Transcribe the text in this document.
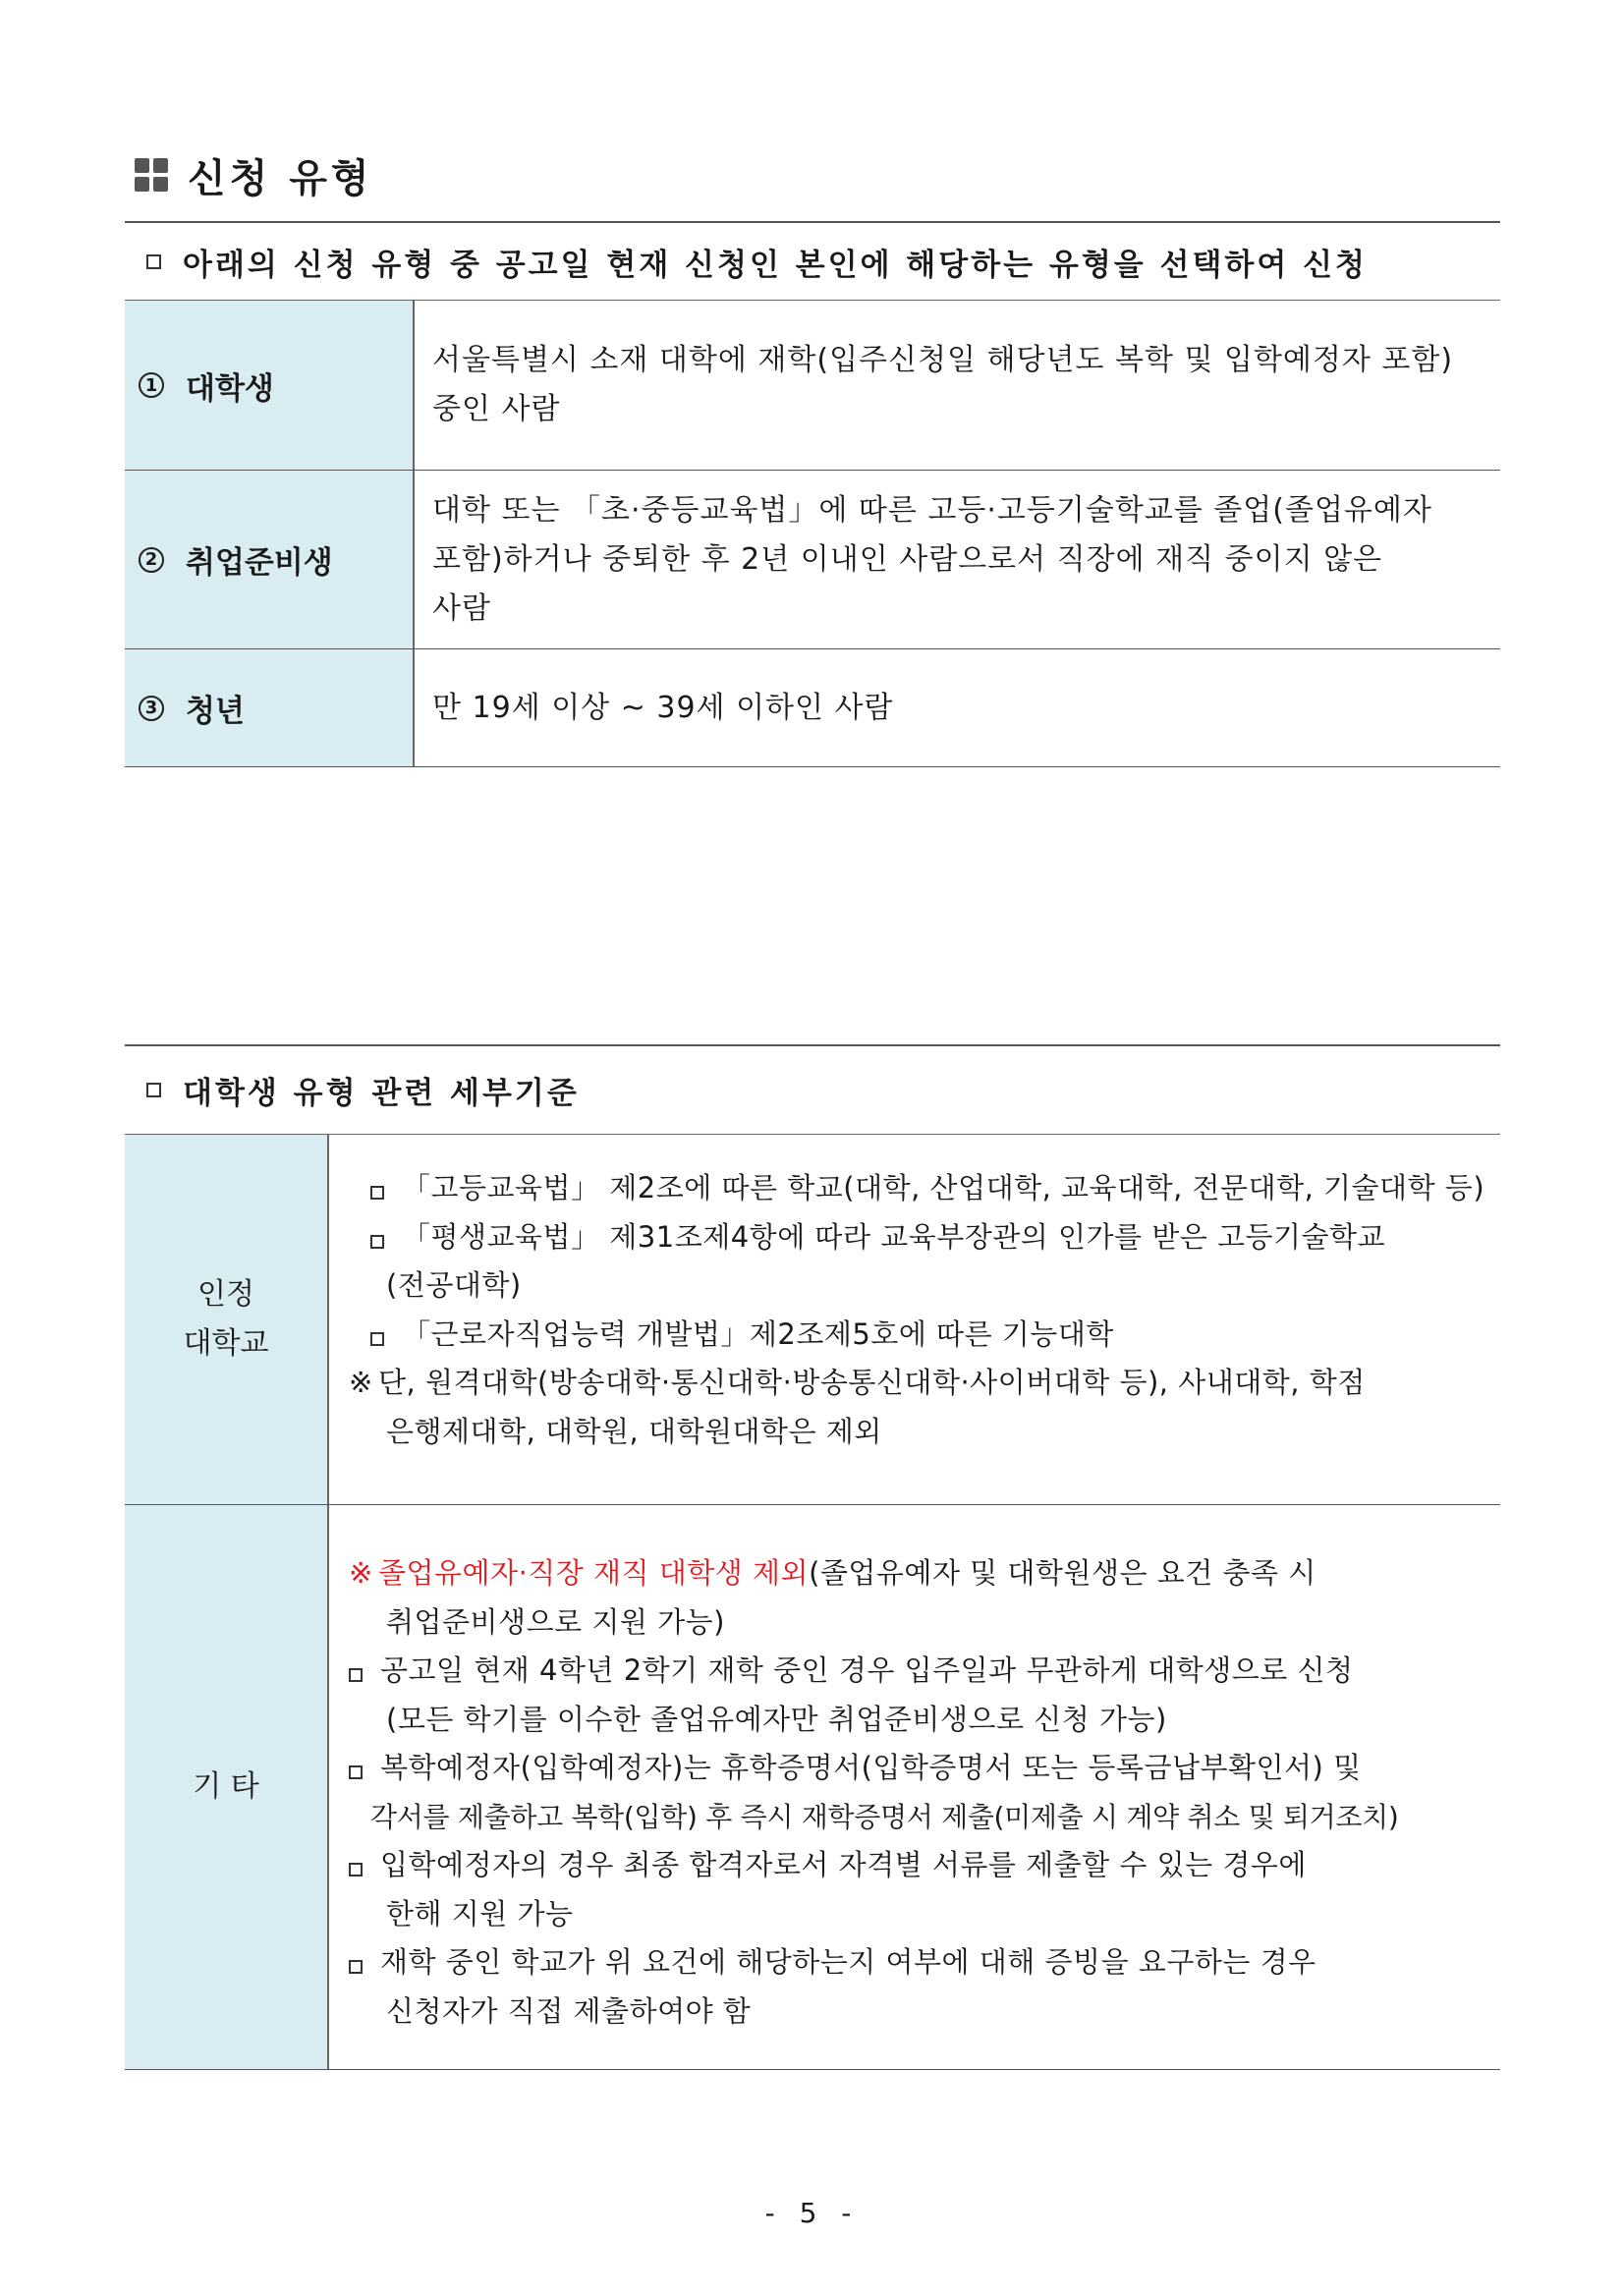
신청 유형
아래의 신청 유형 중 공고일 현재 신청인 본인에 해당하는 유형을 선택하여 신청
1 대학생
서울특별시 소재 대학에 재학(입주신청일 해당년도 복학 및 입학예정자 포함)
중인 사람
2 취업준비생
대학 또는 「초·중등교육법」에 따른 고등·고등기술학교를 졸업(졸업유예자
포함)하거나 중퇴한 후 2년 이내인 사람으로서 직장에 재직 중이지 않은
사람
3 청년	만 19세 이상 ~ 39세 이하인 사람
대학생 유형 관련 세부기준
인정
대학교
「고등교육법」 제2조에 따른 학교(대학, 산업대학, 교육대학, 전문대학, 기술대학 등)
「평생교육법」 제31조제4항에 따라 교육부장관의 인가를 받은 고등기술학교
(전공대학)
「근로자직업능력 개발법」제2조제5호에 따른 기능대학
※ 단, 원격대학(방송대학·통신대학·방송통신대학·사이버대학 등), 사내대학, 학점
은행제대학, 대학원, 대학원대학은 제외
기 타
※ 졸업유예자·직장 재직 대학생 제외(졸업유예자 및 대학원생은 요건 충족 시
취업준비생으로 지원 가능)
공고일 현재 4학년 2학기 재학 중인 경우 입주일과 무관하게 대학생으로 신청
(모든 학기를 이수한 졸업유예자만 취업준비생으로 신청 가능)
복학예정자(입학예정자)는 휴학증명서(입학증명서 또는 등록금납부확인서) 및
각서를 제출하고 복학(입학) 후 즉시 재학증명서 제출(미제출 시 계약 취소 및 퇴거조치)
입학예정자의 경우 최종 합격자로서 자격별 서류를 제출할 수 있는 경우에
한해 지원 가능
재학 중인 학교가 위 요건에 해당하는지 여부에 대해 증빙을 요구하는 경우
신청자가 직접 제출하여야 함
- 5 -
